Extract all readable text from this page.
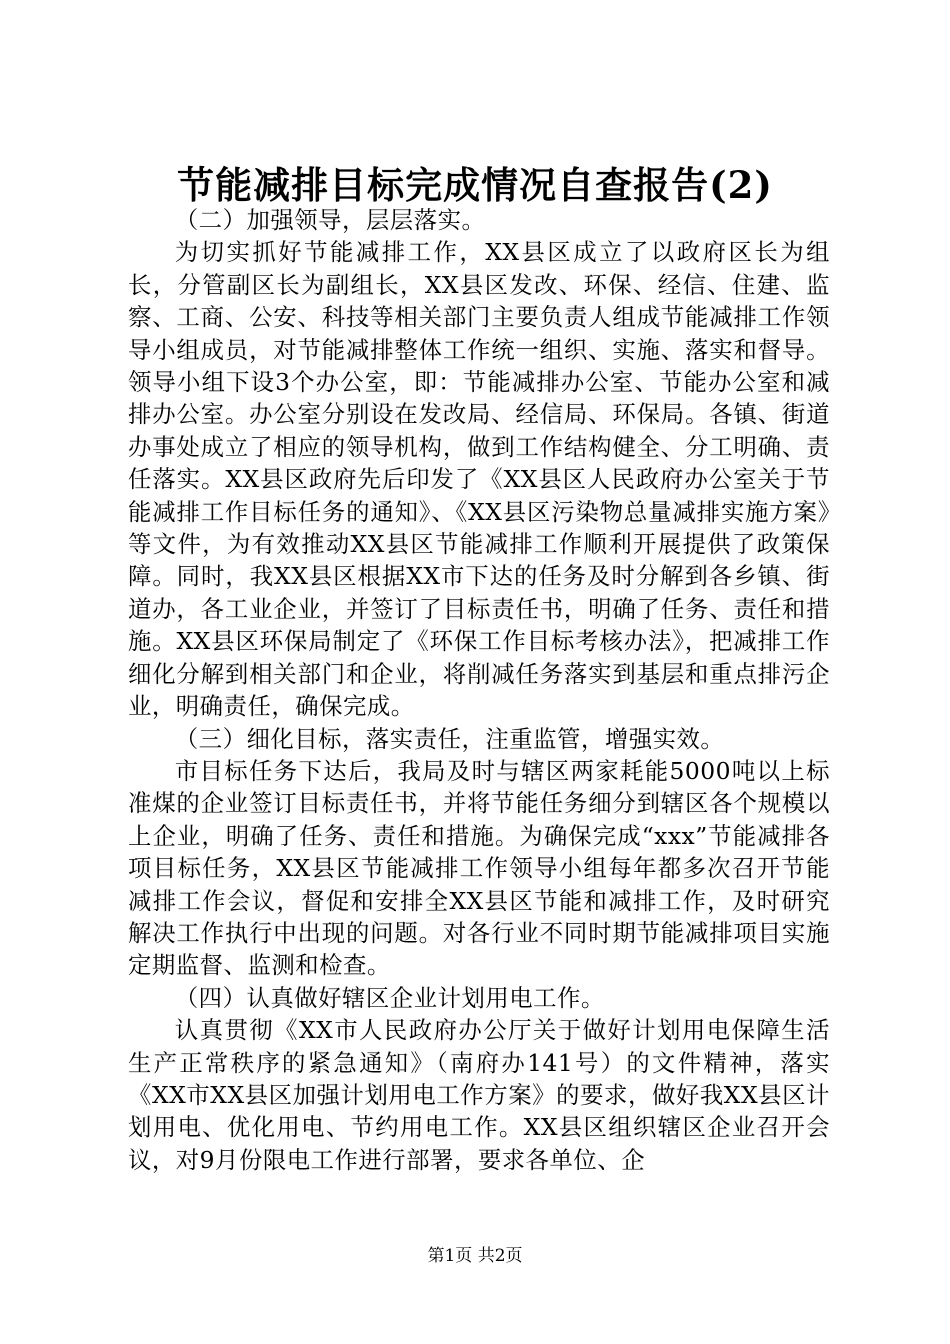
节能减排目标完成情况自查报告(2)

（二）加强领导，层层落实。

为切实抓好节能减排工作，XX县区成立了以政府区长为组长，分管副区长为副组长，XX县区发改、环保、经信、住建、监察、工商、公安、科技等相关部门主要负责人组成节能减排工作领导小组成员，对节能减排整体工作统一组织、实施、落实和督导。领导小组下设3个办公室，即：节能减排办公室、节能办公室和减排办公室。办公室分别设在发改局、经信局、环保局。各镇、街道办事处成立了相应的领导机构，做到工作结构健全、分工明确、责任落实。XX县区政府先后印发了《XX县区人民政府办公室关于节能减排工作目标任务的通知》、《XX县区污染物总量减排实施方案》等文件，为有效推动XX县区节能减排工作顺利开展提供了政策保障。同时，我XX县区根据XX市下达的任务及时分解到各乡镇、街道办，各工业企业，并签订了目标责任书，明确了任务、责任和措施。XX县区环保局制定了《环保工作目标考核办法》，把减排工作细化分解到相关部门和企业，将削减任务落实到基层和重点排污企业，明确责任，确保完成。

（三）细化目标，落实责任，注重监管，增强实效。

市目标任务下达后，我局及时与辖区两家耗能5000吨以上标准煤的企业签订目标责任书，并将节能任务细分到辖区各个规模以上企业，明确了任务、责任和措施。为确保完成“xxx”节能减排各项目标任务，XX县区节能减排工作领导小组每年都多次召开节能减排工作会议，督促和安排全XX县区节能和减排工作，及时研究解决工作执行中出现的问题。对各行业不同时期节能减排项目实施定期监督、监测和检查。

（四）认真做好辖区企业计划用电工作。

认真贯彻《XX市人民政府办公厅关于做好计划用电保障生活生产正常秩序的紧急通知》（南府办141号）的文件精神，落实《XX市XX县区加强计划用电工作方案》的要求，做好我XX县区计划用电、优化用电、节约用电工作。XX县区组织辖区企业召开会议，对9月份限电工作进行部署，要求各单位、企

第1页 共2页
